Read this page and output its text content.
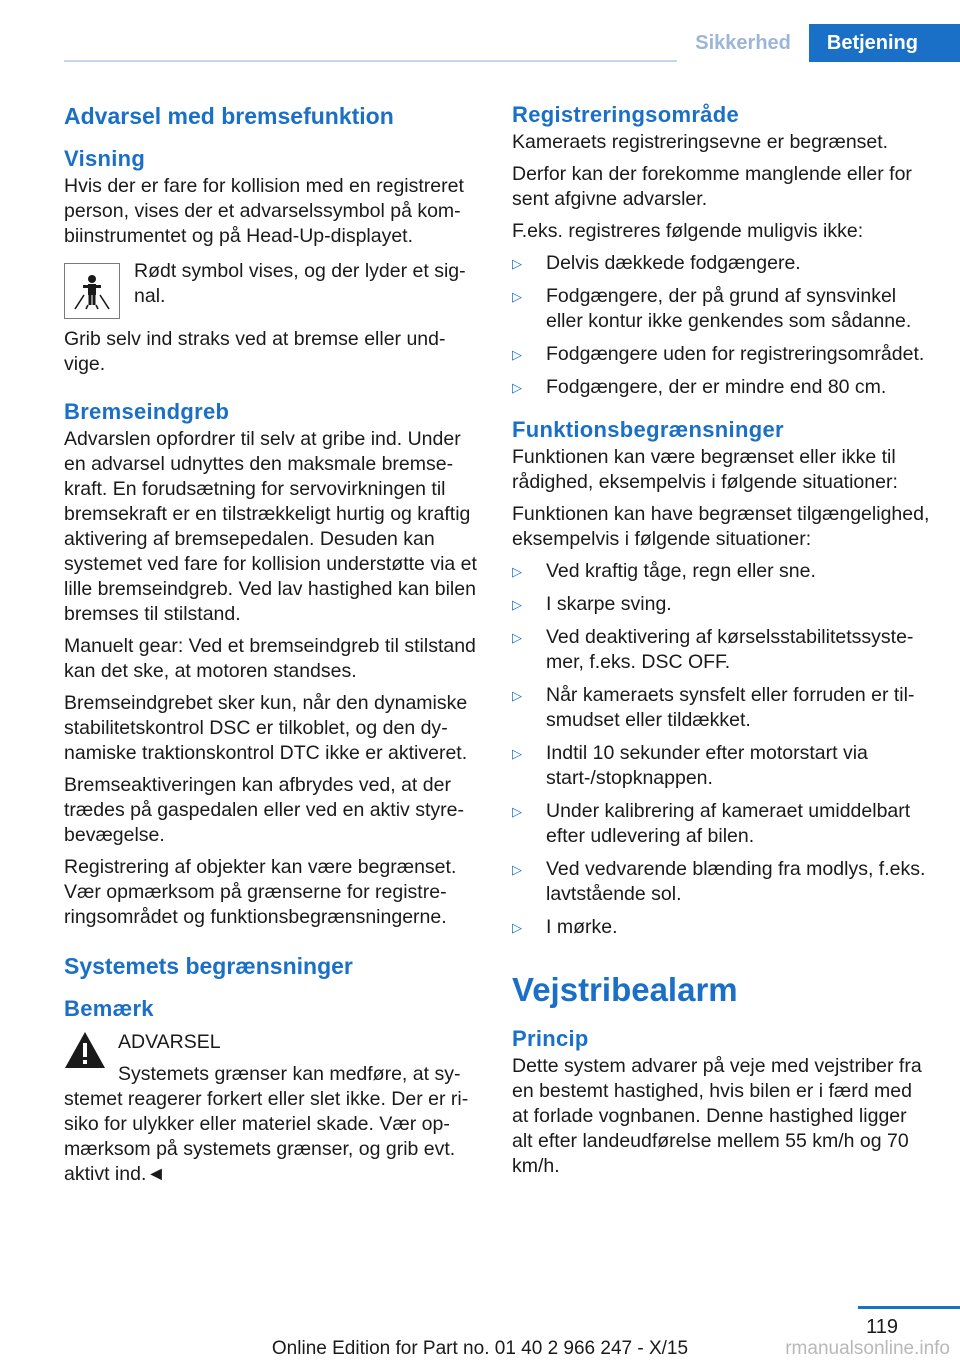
Sikkerhed	Betjening
Advarsel med bremsefunktion
Visning

Hvis der er fare for kollision med en registreret person, vises der et advarselssymbol på kombiinstrumentet og på Head-Up-displayet.

Rødt symbol vises, og der lyder et signal.

Grib selv ind straks ved at bremse eller undvige.

Bremseindgreb

Advarslen opfordrer til selv at gribe ind. Under en advarsel udnyttes den maksmale bremsekraft. En forudsætning for servovirkningen til bremsekraft er en tilstrækkeligt hurtig og kraftig aktivering af bremsepedalen. Desuden kan systemet ved fare for kollision understøtte via et lille bremseindgreb. Ved lav hastighed kan bilen bremses til stilstand.

Manuelt gear: Ved et bremseindgreb til stilstand kan det ske, at motoren standses.

Bremseindgrebet sker kun, når den dynamiske stabilitetskontrol DSC er tilkoblet, og den dynamiske traktionskontrol DTC ikke er aktiveret.

Bremseaktiveringen kan afbrydes ved, at der trædes på gaspedalen eller ved en aktiv styrebevægelse.

Registrering af objekter kan være begrænset. Vær opmærksom på grænserne for registreringsområdet og funktionsbegrænsningerne.

Systemets begrænsninger
Bemærk
ADVARSEL

Systemets grænser kan medføre, at systemet reagerer forkert eller slet ikke. Der er risiko for ulykker eller materiel skade. Vær opmærksom på systemets grænser, og grib evt. aktivt ind.◄

Registreringsområde

Kameraets registreringsevne er begrænset.

Derfor kan der forekomme manglende eller for sent afgivne advarsler.

F.eks. registreres følgende muligvis ikke:

▷	Delvis dækkede fodgængere.
▷	Fodgængere, der på grund af synsvinkel eller kontur ikke genkendes som sådanne.
▷	Fodgængere uden for registreringsområdet.
▷	Fodgængere, der er mindre end 80 cm.
Funktionsbegrænsninger

Funktionen kan være begrænset eller ikke til rådighed, eksempelvis i følgende situationer:

Funktionen kan have begrænset tilgængelighed, eksempelvis i følgende situationer:

▷	Ved kraftig tåge, regn eller sne.
▷	I skarpe sving.
▷	Ved deaktivering af kørselsstabilitetssystemer, f.eks. DSC OFF.
▷	Når kameraets synsfelt eller forruden er tilsmudset eller tildækket.
▷	Indtil 10 sekunder efter motorstart via start-/stopknappen.
▷	Under kalibrering af kameraet umiddelbart efter udlevering af bilen.
▷	Ved vedvarende blænding fra modlys, f.eks. lavtstående sol.
▷	I mørke.
Vejstribealarm
Princip

Dette system advarer på veje med vejstriber fra en bestemt hastighed, hvis bilen er i færd med at forlade vognbanen. Denne hastighed ligger alt efter landeudførelse mellem 55 km/h og 70 km/h.

119
Online Edition for Part no. 01 40 2 966 247 - X/15	rmanualsonline.info
